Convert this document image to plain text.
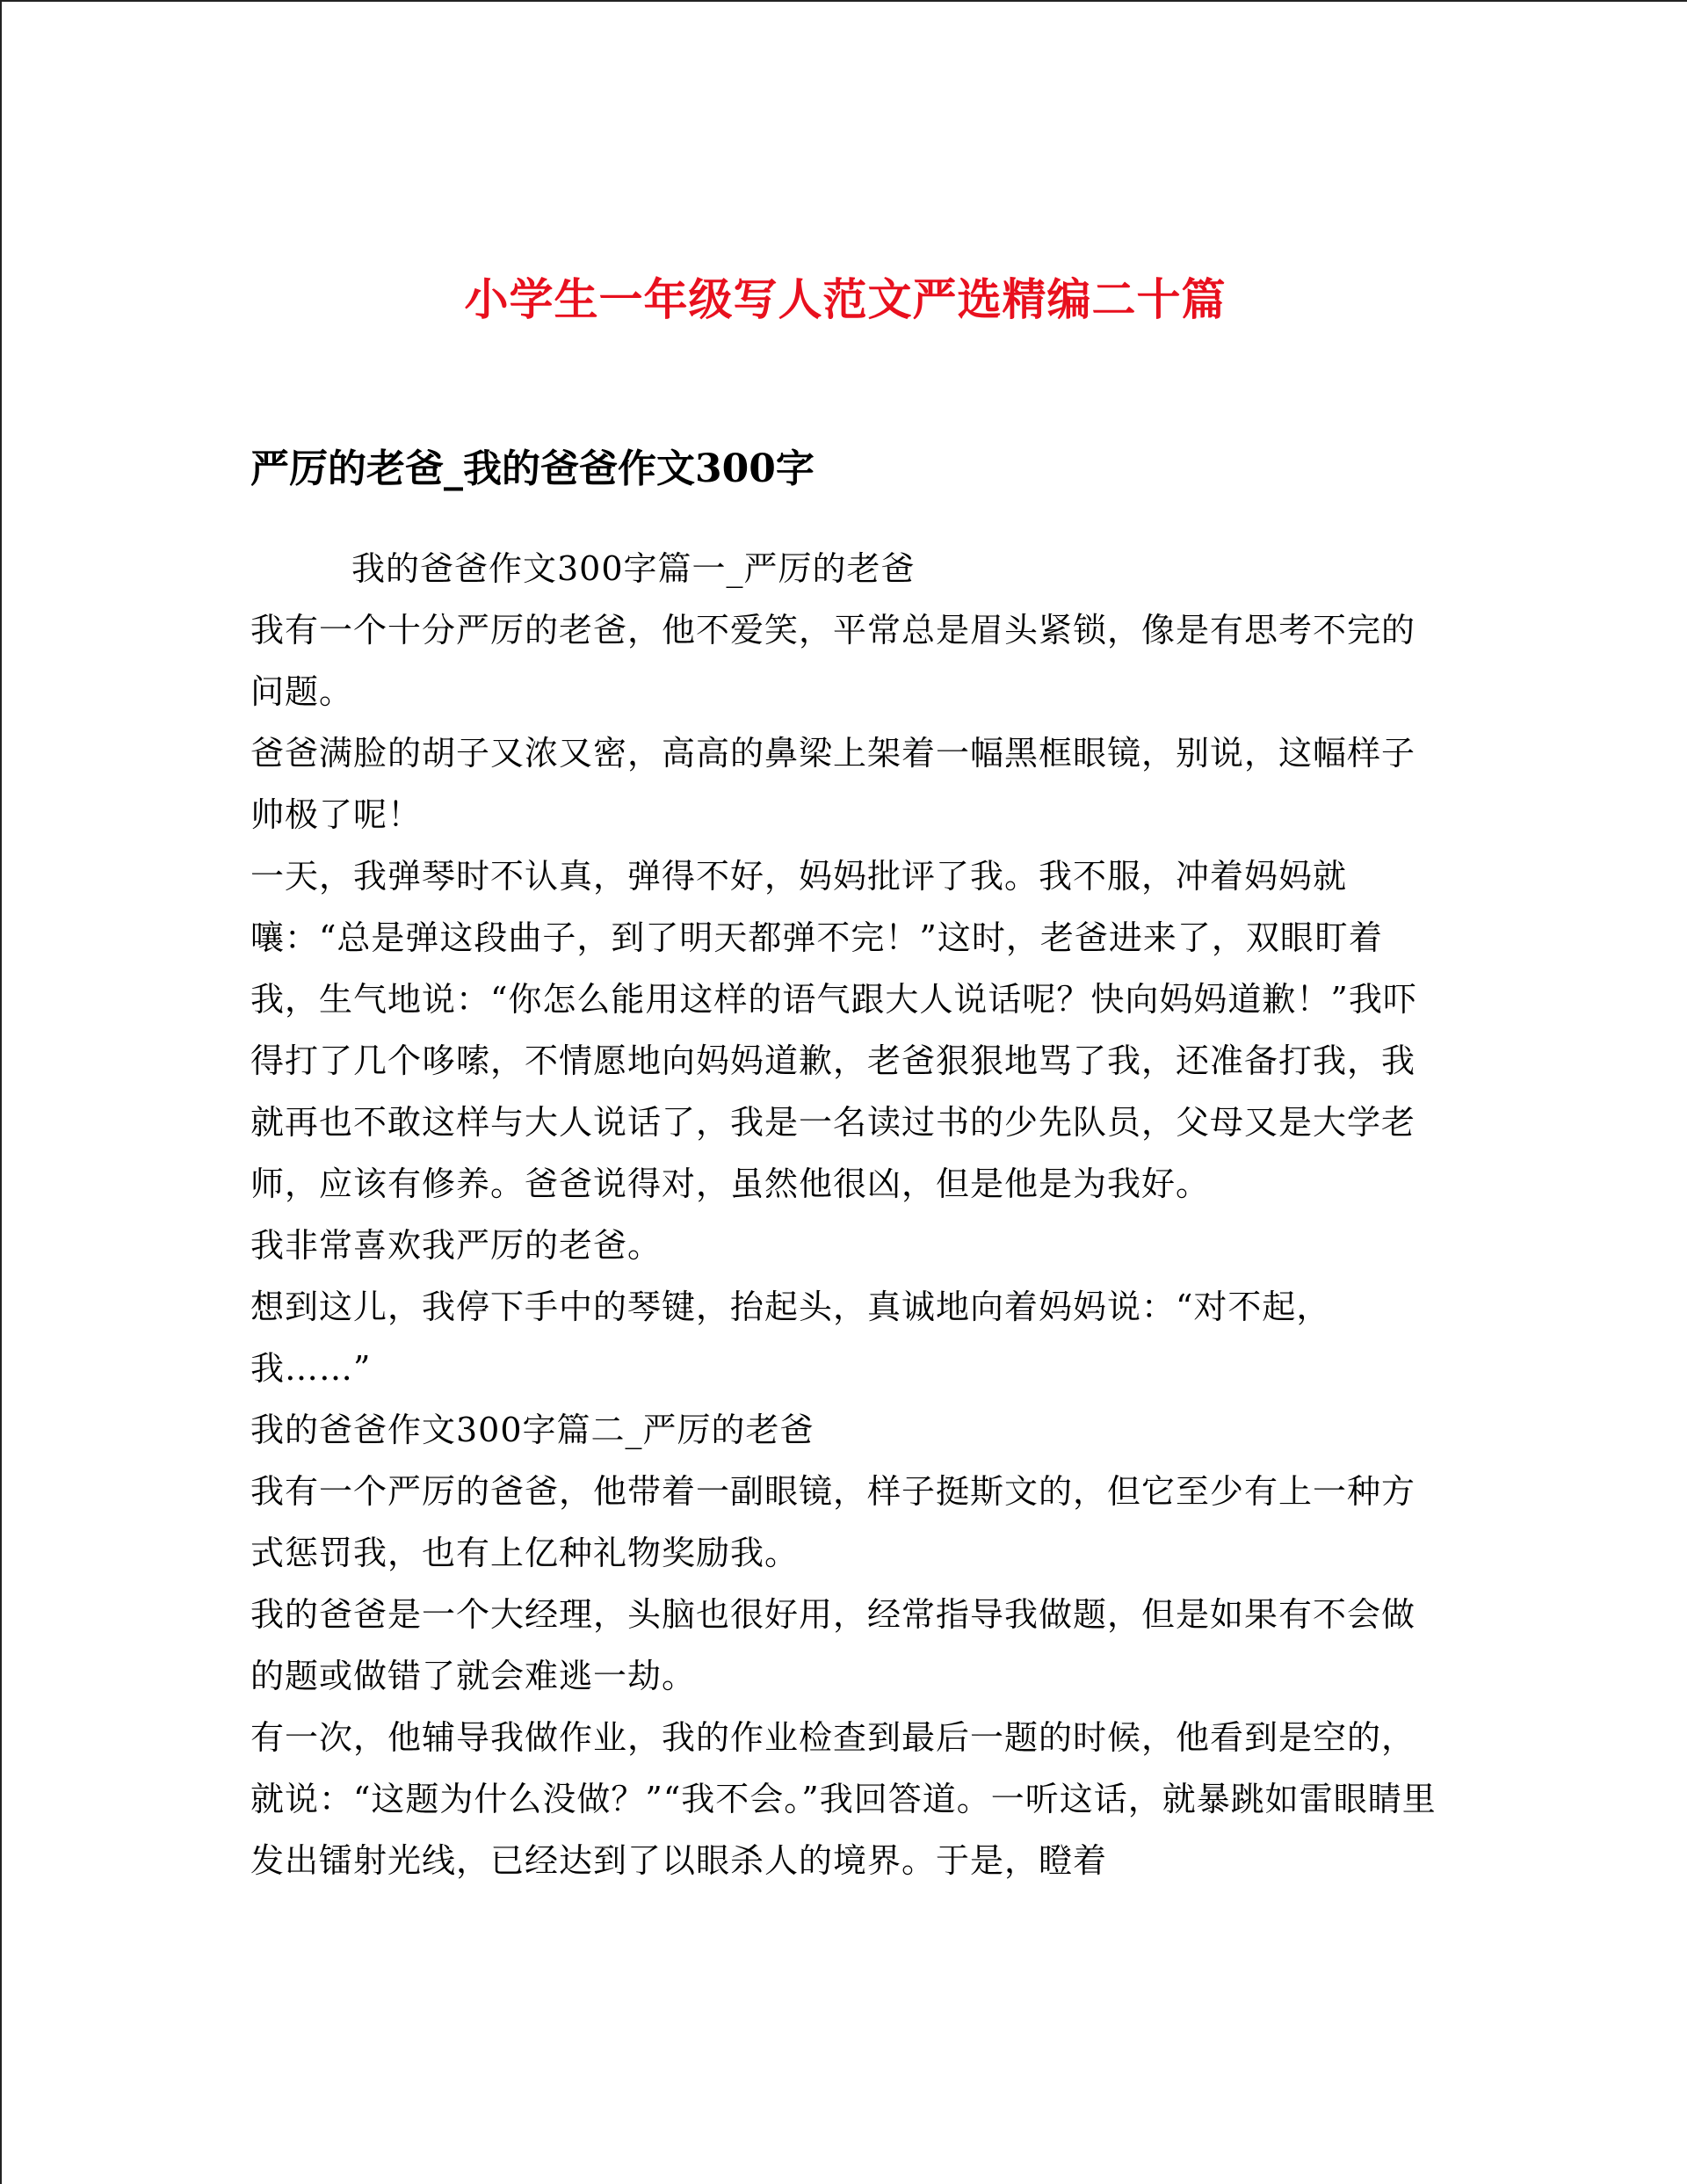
小学生一年级写人范文严选精编二十篇
严厉的老爸_我的爸爸作文300字

我的爸爸作文300字篇一_严厉的老爸

我有一个十分严厉的老爸，他不爱笑，平常总是眉头紧锁，像是有思考不完的问题。

爸爸满脸的胡子又浓又密，高高的鼻梁上架着一幅黑框眼镜，别说，这幅样子帅极了呢！

一天，我弹琴时不认真，弹得不好，妈妈批评了我。我不服，冲着妈妈就嚷：“总是弹这段曲子，到了明天都弹不完！”这时，老爸进来了，双眼盯着我，生气地说：“你怎么能用这样的语气跟大人说话呢？快向妈妈道歉！”我吓得打了几个哆嗦，不情愿地向妈妈道歉，老爸狠狠地骂了我，还准备打我，我就再也不敢这样与大人说话了，我是一名读过书的少先队员，父母又是大学老师，应该有修养。爸爸说得对，虽然他很凶，但是他是为我好。

我非常喜欢我严厉的老爸。

想到这儿，我停下手中的琴键，抬起头，真诚地向着妈妈说：“对不起，我……”

我的爸爸作文300字篇二_严厉的老爸

我有一个严厉的爸爸，他带着一副眼镜，样子挺斯文的，但它至少有上一种方式惩罚我，也有上亿种礼物奖励我。

我的爸爸是一个大经理，头脑也很好用，经常指导我做题，但是如果有不会做的题或做错了就会难逃一劫。

有一次，他辅导我做作业，我的作业检查到最后一题的时候，他看到是空的，就说：“这题为什么没做？”“我不会。”我回答道。一听这话，就暴跳如雷眼睛里发出镭射光线，已经达到了以眼杀人的境界。于是，瞪着
